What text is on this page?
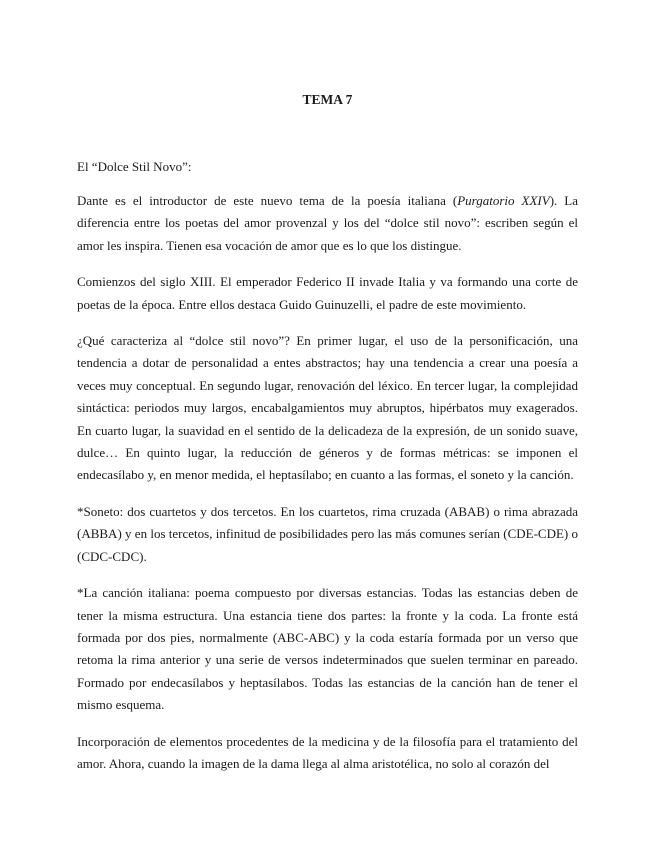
TEMA 7
El “Dolce Stil Novo”:

Dante es el introductor de este nuevo tema de la poesía italiana (Purgatorio XXIV). La diferencia entre los poetas del amor provenzal y los del “dolce stil novo”: escriben según el amor les inspira. Tienen esa vocación de amor que es lo que los distingue.

Comienzos del siglo XIII. El emperador Federico II invade Italia y va formando una corte de poetas de la época. Entre ellos destaca Guido Guinuzelli, el padre de este movimiento.

¿Qué caracteriza al “dolce stil novo”? En primer lugar, el uso de la personificación, una tendencia a dotar de personalidad a entes abstractos; hay una tendencia a crear una poesía a veces muy conceptual. En segundo lugar, renovación del léxico. En tercer lugar, la complejidad sintáctica: periodos muy largos, encabalgamientos muy abruptos, hipérbatos muy exagerados. En cuarto lugar, la suavidad en el sentido de la delicadeza de la expresión, de un sonido suave, dulce… En quinto lugar, la reducción de géneros y de formas métricas: se imponen el endecasílabo y, en menor medida, el heptasílabo; en cuanto a las formas, el soneto y la canción.

*Soneto: dos cuartetos y dos tercetos. En los cuartetos, rima cruzada (ABAB) o rima abrazada (ABBA) y en los tercetos, infinitud de posibilidades pero las más comunes serían (CDE-CDE) o (CDC-CDC).

*La canción italiana: poema compuesto por diversas estancias. Todas las estancias deben de tener la misma estructura. Una estancia tiene dos partes: la fronte y la coda. La fronte está formada por dos pies, normalmente (ABC-ABC) y la coda estaría formada por un verso que retoma la rima anterior y una serie de versos indeterminados que suelen terminar en pareado. Formado por endecasílabos y heptasílabos. Todas las estancias de la canción han de tener el mismo esquema.

Incorporación de elementos procedentes de la medicina y de la filosofía para el tratamiento del amor. Ahora, cuando la imagen de la dama llega al alma aristotélica, no solo al corazón del
